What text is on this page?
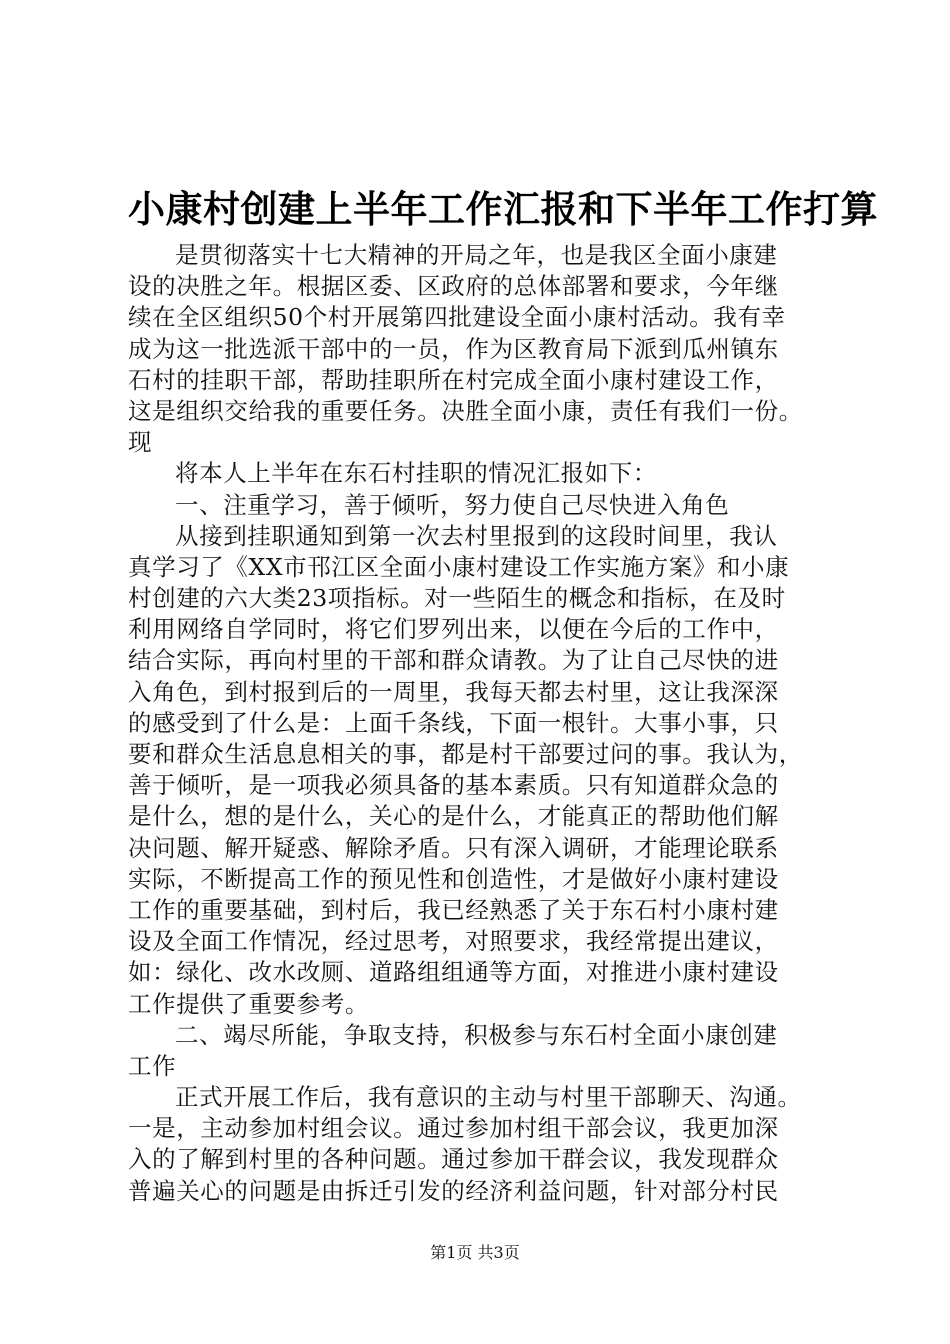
小康村创建上半年工作汇报和下半年工作打算
是贯彻落实十七大精神的开局之年，也是我区全面小康建
设的决胜之年。根据区委、区政府的总体部署和要求，今年继
续在全区组织50个村开展第四批建设全面小康村活动。我有幸
成为这一批选派干部中的一员，作为区教育局下派到瓜州镇东
石村的挂职干部，帮助挂职所在村完成全面小康村建设工作，
这是组织交给我的重要任务。决胜全面小康，责任有我们一份。
现
将本人上半年在东石村挂职的情况汇报如下：
一、注重学习，善于倾听，努力使自己尽快进入角色
从接到挂职通知到第一次去村里报到的这段时间里，我认
真学习了《XX市邗江区全面小康村建设工作实施方案》和小康
村创建的六大类23项指标。对一些陌生的概念和指标，在及时
利用网络自学同时，将它们罗列出来，以便在今后的工作中，
结合实际，再向村里的干部和群众请教。为了让自己尽快的进
入角色，到村报到后的一周里，我每天都去村里，这让我深深
的感受到了什么是：上面千条线，下面一根针。大事小事，只
要和群众生活息息相关的事，都是村干部要过问的事。我认为，
善于倾听，是一项我必须具备的基本素质。只有知道群众急的
是什么，想的是什么，关心的是什么，才能真正的帮助他们解
决问题、解开疑惑、解除矛盾。只有深入调研，才能理论联系
实际，不断提高工作的预见性和创造性，才是做好小康村建设
工作的重要基础，到村后，我已经熟悉了关于东石村小康村建
设及全面工作情况，经过思考，对照要求，我经常提出建议，
如：绿化、改水改厕、道路组组通等方面，对推进小康村建设
工作提供了重要参考。
二、竭尽所能，争取支持，积极参与东石村全面小康创建
工作
正式开展工作后，我有意识的主动与村里干部聊天、沟通。
一是，主动参加村组会议。通过参加村组干部会议，我更加深
入的了解到村里的各种问题。通过参加干群会议，我发现群众
普遍关心的问题是由拆迁引发的经济利益问题，针对部分村民
第1页 共3页
